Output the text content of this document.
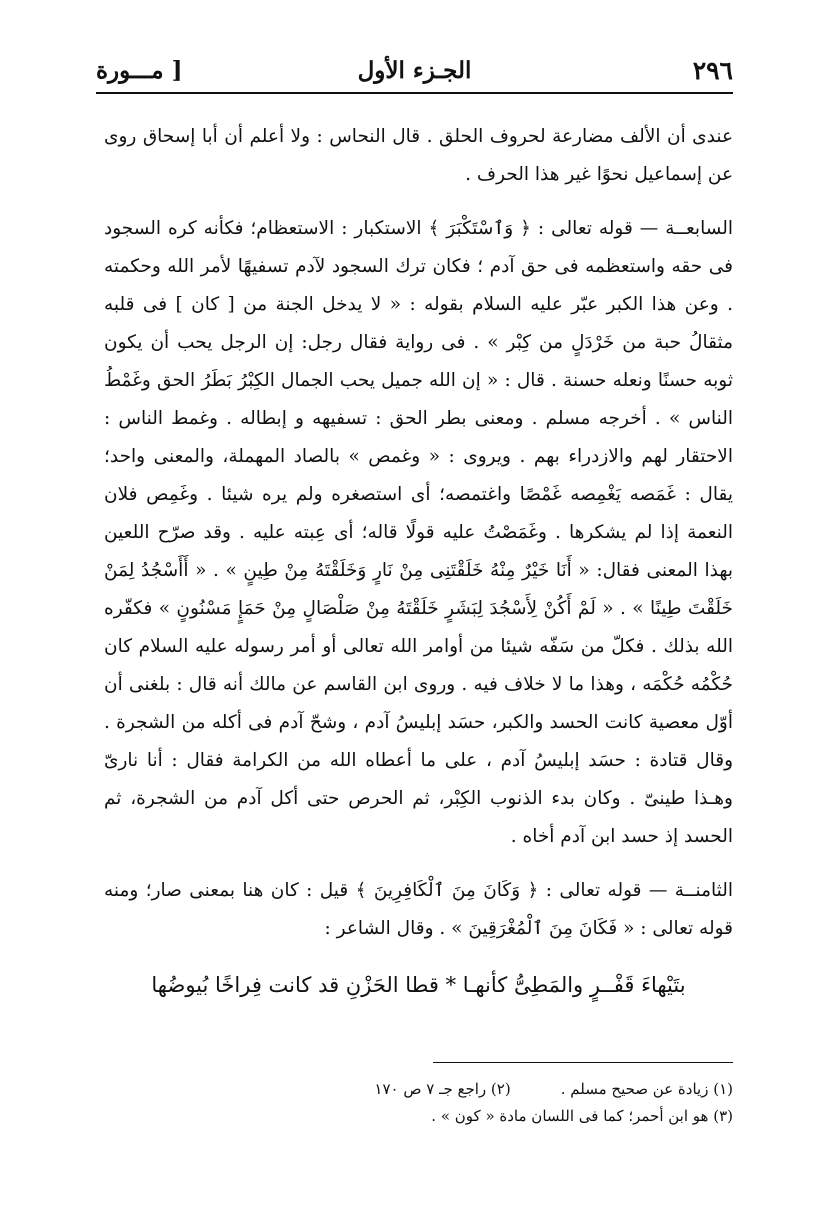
٢٩٦
الجـزء الأول
[ مـــورة

عندى أن الألف مضارعة لحروف الحلق . قال النحاس : ولا أعلم أن أبا إسحاق روى عن إسماعيل نحوًا غير هذا الحرف .

السابعــة — قوله تعالى : ﴿ وَٱسْتَكْبَرَ ﴾ الاستكبار : الاستعظام؛ فكأنه كره السجود فى حقه واستعظمه فى حق آدم ؛ فكان ترك السجود لآدم تسفيهًا لأمر الله وحكمته . وعن هذا الكبر عبّر عليه السلام بقوله : « لا يدخل الجنة من [ كان ] فى قلبه مثقالُ حبة من خَرْدَلٍ من كِبْر » . فى رواية فقال رجل: إن الرجل يحب أن يكون ثوبه حسنًا ونعله حسنة . قال : « إن الله جميل يحب الجمال الكِبْرُ بَطَرُ الحق وغَمْطُ الناس » . أخرجه مسلم . ومعنى بطر الحق : تسفيهه و إبطاله . وغمط الناس : الاحتقار لهم والازدراء بهم . ويروى : « وغمص » بالصاد المهملة، والمعنى واحد؛ يقال : غَمَصه يَغْمِصه غَمْصًا واغتمصه؛ أى استصغره ولم يره شيئا . وغَمِص فلان النعمة إذا لم يشكرها . وغَمَصْتُ عليه قولًا قاله؛ أى عِبته عليه . وقد صرّح اللعين بهذا المعنى فقال: « أَنَا خَيْرٌ مِنْهُ خَلَقْتَنِى مِنْ نَارٍ وَخَلَقْتَهُ مِنْ طِينٍ » . « أَأَسْجُدُ لِمَنْ خَلَقْتَ طِينًا » . « لَمْ أَكُنْ لِأَسْجُدَ لِبَشَرٍ خَلَقْتَهُ مِنْ صَلْصَالٍ مِنْ حَمَإٍ مَسْنُونٍ » فكفّره الله بذلك . فكلّ من سَفّه شيئا من أوامر الله تعالى أو أمر رسوله عليه السلام كان حُكْمُه حُكْمَه ، وهذا ما لا خلاف فيه . وروى ابن القاسم عن مالك أنه قال : بلغنى أن أوّل معصية كانت الحسد والكبر، حسَد إبليسُ آدم ، وشحّ آدم فى أكله من الشجرة . وقال قتادة : حسَد إبليسُ آدم ، على ما أعطاه الله من الكرامة فقال : أنا نارىّ وهـذا طينىّ . وكان بدء الذنوب الكِبْر، ثم الحرص حتى أكل آدم من الشجرة، ثم الحسد إذ حسد ابن آدم أخاه .

الثامنــة — قوله تعالى : ﴿ وَكَانَ مِنَ ٱلْكَافِرِينَ ﴾ قيل : كان هنا بمعنى صار؛ ومنه قوله تعالى : « فَكَانَ مِنَ ٱلْمُغْرَقِينَ » . وقال الشاعر :

بتَيْهاءَ قَفْــرٍ والمَطِىُّ كأنهـا * قطا الحَزْنِ قد كانت فِراخًا بُيوضُها

(١) زيادة عن صحيح مسلم .
(٢) راجع جـ ٧ ص ١٧٠
(٣) هو ابن أحمر؛ كما فى اللسان مادة « كون » .
